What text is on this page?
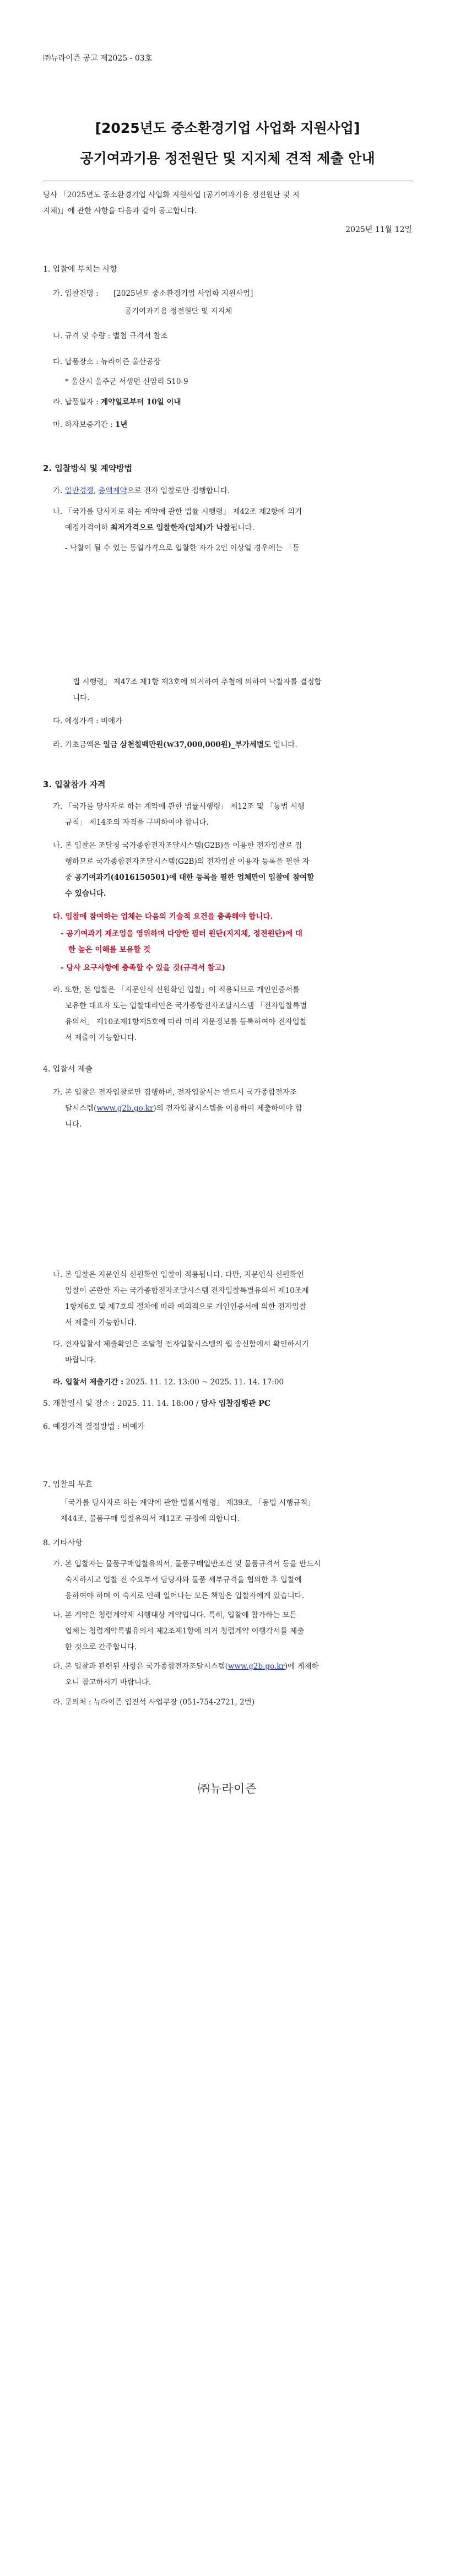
㈜뉴라이즌 공고 제2025 - 03호
[2025년도 중소환경기업 사업화 지원사업]
공기여과기용 정전원단 및 지지체 견적 제출 안내
당사 「2025년도 중소환경기업 사업화 지원사업 (공기여과기용 정전원단 및 지
지체)」에 관한 사항을 다음과 같이 공고합니다.
2025년 11월 12일
1. 입찰에 부치는 사항
가. 입찰건명 : [2025년도 중소환경기업 사업화 지원사업]
공기여과기용 정전원단 및 지지체
나. 규격 및 수량 : 별첨 규격서 참조
다. 납품장소 : 뉴라이즌 울산공장
* 울산시 울주군 서생면 신암리 510-9
라. 납품일자 : 계약일로부터 10일 이내
마. 하자보증기간 : 1년
2. 입찰방식 및 계약방법
가. 일반경쟁, 총액계약으로 전자 입찰로만 집행합니다.
나. 「국가를 당사자로 하는 계약에 관한 법률 시행령」 제42조 제2항에 의거
예정가격이하 최저가격으로 입찰한자(업체)가 낙찰됩니다.
- 낙찰이 될 수 있는 동일가격으로 입찰한 자가 2인 이상일 경우에는 「동
법 시행령」 제47조 제1항 제3호에 의거하여 추첨에 의하여 낙찰자를 결정합
니다.
다. 예정가격 : 비예가
라. 기초금액은 일금 삼천칠백만원(₩37,000,000원)_부가세별도 입니다.
3. 입찰참가 자격
가. 「국가를 당사자로 하는 계약에 관한 법률시행령」 제12조 및 「동법 시행
규칙」 제14조의 자격을 구비하여야 합니다.
나. 본 입찰은 조달청 국가종합전자조달시스템(G2B)을 이용한 전자입찰로 집
행하므로 국가종합전자조달시스템(G2B)의 전자입찰 이용자 등록을 필한 자
중 공기여과기(4016150501)에 대한 등록을 필한 업체만이 입찰에 참여할
수 있습니다.
다. 입찰에 참여하는 업체는 다음의 기술적 요건을 충족해야 합니다.
- 공기여과기 제조업을 영위하며 다양한 필터 원단(지지체, 정전원단)에 대
한 높은 이해를 보유할 것
- 당사 요구사항에 충족할 수 있을 것(규격서 참고)
라. 또한, 본 입찰은 「지문인식 신원확인 입찰」이 적용되므로 개인인증서를
보유한 대표자 또는 입찰대리인은 국가종합전자조달시스템 「전자입찰특별
유의서」 제10조제1항제5호에 따라 미리 지문정보를 등록하여야 전자입찰
서 제출이 가능합니다.
4. 입찰서 제출
가. 본 입찰은 전자입찰로만 집행하며, 전자입찰서는 반드시 국가종합전자조
달시스템(www.g2b.go.kr)의 전자입찰시스템을 이용하여 제출하여야 합
니다.
나. 본 입찰은 지문인식 신원확인 입찰이 적용됩니다. 다만, 지문인식 신원확인
입찰이 곤란한 자는 국가종합전자조달시스템 전자입찰특별유의서 제10조제
1항제6호 및 제7호의 절차에 따라 예외적으로 개인인증서에 의한 전자입찰
서 제출이 가능합니다.
다. 전자입찰서 제출확인은 조달청 전자입찰시스템의 웹 송신함에서 확인하시기
바랍니다.
라. 입찰서 제출기간 : 2025. 11. 12. 13:00 ~ 2025. 11. 14. 17:00
5. 개찰일시 및 장소 : 2025. 11. 14. 18:00 / 당사 입찰집행관 PC
6. 예정가격 결정방법 : 비예가
7. 입찰의 무효
「국가를 당사자로 하는 계약에 관한 법률시행령」 제39조, 「동법 시행규칙」
제44조, 물품구매 입찰유의서 제12조 규정에 의합니다.
8. 기타사항
가. 본 입찰자는 물품구매입찰유의서, 물품구매일반조건 및 물품규격서 등을 반드시
숙지하시고 입찰 전 수요부서 담당자와 물품 세부규격을 협의한 후 입찰에
응하여야 하며 이 숙지로 인해 일어나는 모든 책임은 입찰자에게 있습니다.
나. 본 계약은 청렴계약제 시행대상 계약입니다. 특히, 입찰에 참가하는 모든
업체는 청렴계약특별유의서 제2조제1항에 의거 청렴계약 이행각서를 제출
한 것으로 간주합니다.
다. 본 입찰과 관련된 사항은 국가종합전자조달시스템(www.g2b.go.kr)에 게재하
오니 참고하시기 바랍니다.
라. 문의처 : 뉴라이즌 임진석 사업부장 (051-754-2721, 2번)
㈜뉴라이즌
